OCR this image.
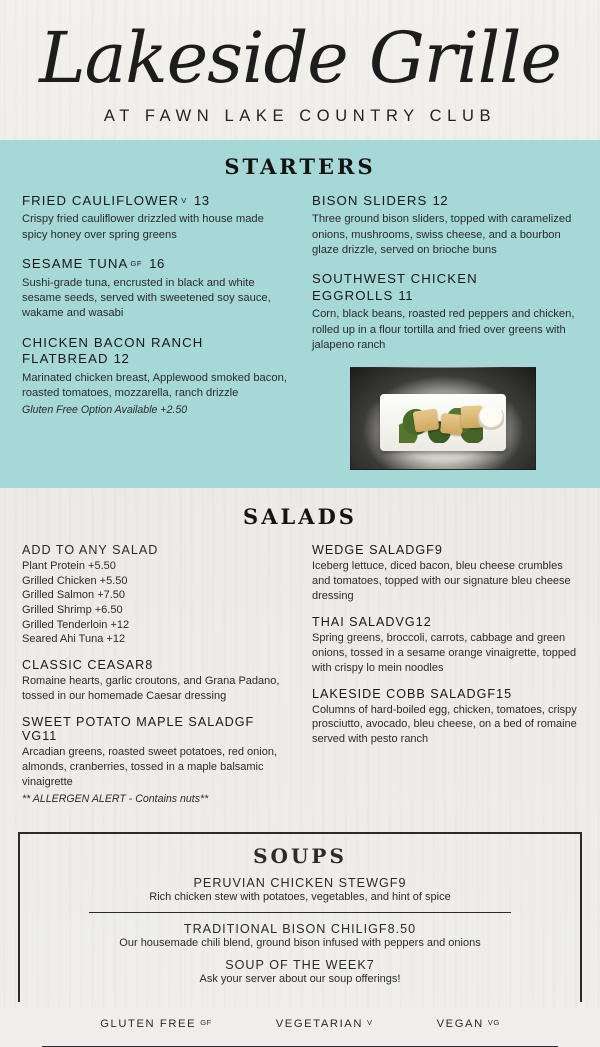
Lakeside Grille
AT FAWN LAKE COUNTRY CLUB
STARTERS

FRIED CAULIFLOWER V 13

Crispy fried cauliflower drizzled with house made spicy honey over spring greens

SESAME TUNA GF 16

Sushi-grade tuna, encrusted in black and white sesame seeds, served with sweetened soy sauce, wakame and wasabi

CHICKEN BACON RANCH FLATBREAD 12

Marinated chicken breast, Applewood smoked bacon, roasted tomatoes, mozzarella, ranch drizzle

Gluten Free Option Available +2.50

BISON SLIDERS 12

Three ground bison sliders, topped with caramelized onions, mushrooms, swiss cheese, and a bourbon glaze drizzle, served on brioche buns

SOUTHWEST CHICKEN EGGROLLS 11

Corn, black beans, roasted red peppers and chicken, rolled up in a flour tortilla and fried over greens with jalapeno ranch

SALADS

ADD TO ANY SALAD

Plant Protein +5.50
Grilled Chicken +5.50
Grilled Salmon +7.50
Grilled Shrimp +6.50
Grilled Tenderloin +12
Seared Ahi Tuna +12

CLASSIC CEASAR8

Romaine hearts, garlic croutons, and Grana Padano, tossed in our homemade Caesar dressing

SWEET POTATO MAPLE SALADGF VG11

Arcadian greens, roasted sweet potatoes, red onion, almonds, cranberries, tossed in a maple balsamic vinaigrette

** ALLERGEN ALERT - Contains nuts**

WEDGE SALADGF9

Iceberg lettuce, diced bacon, bleu cheese crumbles and tomatoes, topped with our signature bleu cheese dressing

THAI SALADVG12

Spring greens, broccoli, carrots, cabbage and green onions, tossed in a sesame orange vinaigrette, topped with crispy lo mein noodles

LAKESIDE COBB SALADGF15

Columns of hard-boiled egg, chicken, tomatoes, crispy prosciutto, avocado, bleu cheese, on a bed of romaine served with pesto ranch

SOUPS

PERUVIAN CHICKEN STEWGF9

Rich chicken stew with potatoes, vegetables, and hint of spice

TRADITIONAL BISON CHILIGF8.50

Our housemade chili blend, ground bison infused with peppers and onions

SOUP OF THE WEEK7

Ask your server about our soup offerings!

GLUTEN FREE GF	VEGETARIAN V	VEGAN VG
